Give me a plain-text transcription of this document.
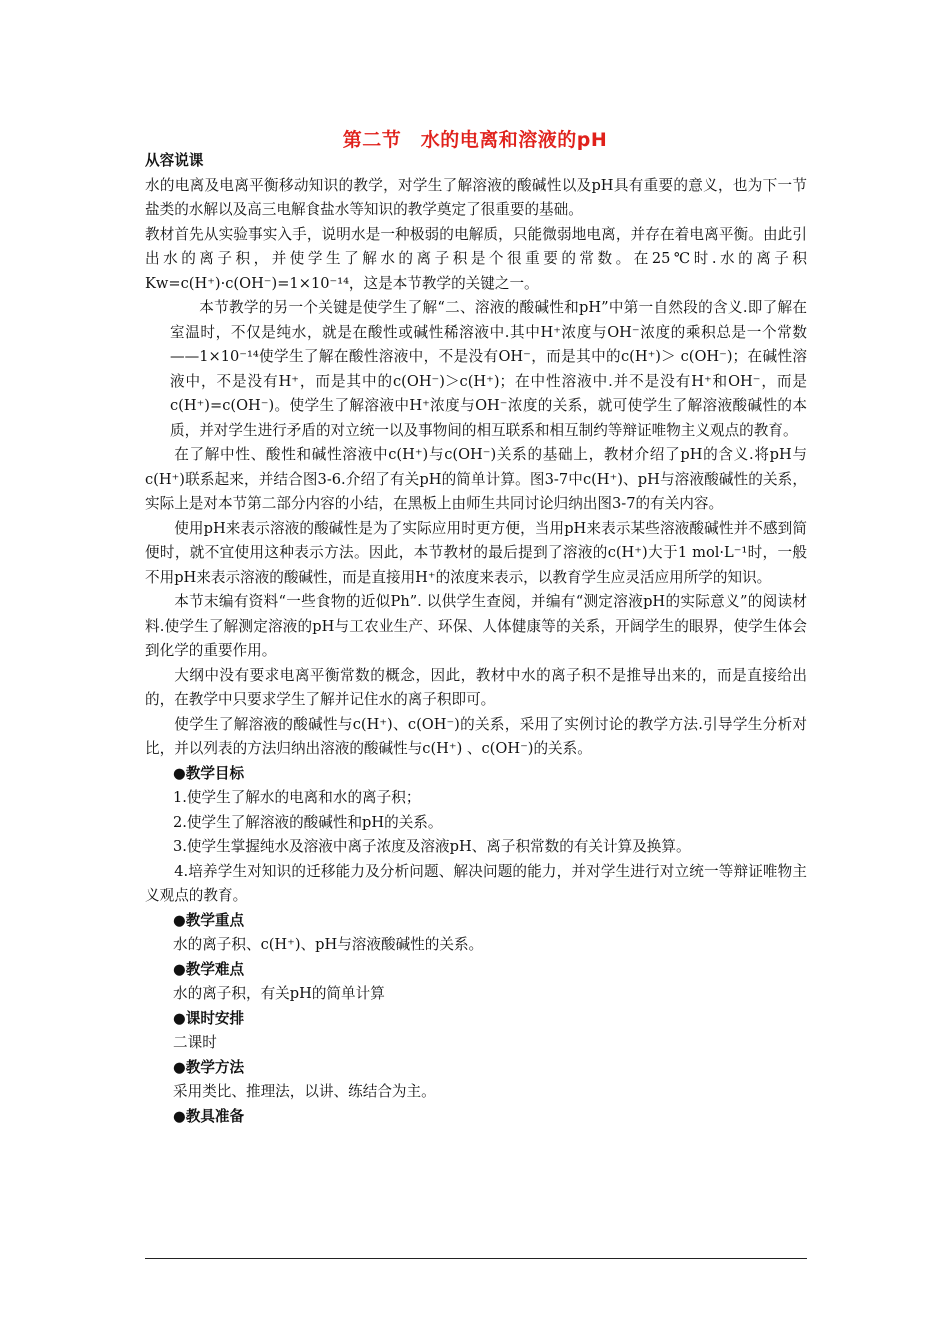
第二节　水的电离和溶液的pH

从容说课

水的电离及电离平衡移动知识的教学，对学生了解溶液的酸碱性以及pH具有重要的意义，也为下一节盐类的水解以及高三电解食盐水等知识的教学奠定了很重要的基础。

教材首先从实验事实入手，说明水是一种极弱的电解质，只能微弱地电离，并存在着电离平衡。由此引出水的离子积，并使学生了解水的离子积是个很重要的常数。在25℃时.水的离子积Kw=c(H⁺)·c(OH⁻)=1×10⁻¹⁴，这是本节教学的关键之一。

本节教学的另一个关键是使学生了解“二、溶液的酸碱性和pH”中第一自然段的含义.即了解在室温时，不仅是纯水，就是在酸性或碱性稀溶液中.其中H⁺浓度与OH⁻浓度的乘积总是一个常数——1×10⁻¹⁴使学生了解在酸性溶液中，不是没有OH⁻，而是其中的c(H⁺)＞ c(OH⁻)；在碱性溶液中，不是没有H⁺，而是其中的c(OH⁻)＞c(H⁺)；在中性溶液中.并不是没有H⁺和OH⁻，而是c(H⁺)=c(OH⁻)。使学生了解溶液中H⁺浓度与OH⁻浓度的关系，就可使学生了解溶液酸碱性的本质，并对学生进行矛盾的对立统一以及事物间的相互联系和相互制约等辩证唯物主义观点的教育。

在了解中性、酸性和碱性溶液中c(H⁺)与c(OH⁻)关系的基础上，教材介绍了pH的含义.将pH与c(H⁺)联系起来，并结合图3-6.介绍了有关pH的简单计算。图3-7中c(H⁺)、pH与溶液酸碱性的关系，实际上是对本节第二部分内容的小结，在黑板上由师生共同讨论归纳出图3-7的有关内容。

使用pH来表示溶液的酸碱性是为了实际应用时更方便，当用pH来表示某些溶液酸碱性并不感到简便时，就不宜使用这种表示方法。因此，本节教材的最后提到了溶液的c(H⁺)大于1 mol·L⁻¹时，一般不用pH来表示溶液的酸碱性，而是直接用H⁺的浓度来表示，以教育学生应灵活应用所学的知识。

本节末编有资料“一些食物的近似Ph”. 以供学生查阅，并编有“测定溶液pH的实际意义”的阅读材料.使学生了解测定溶液的pH与工农业生产、环保、人体健康等的关系，开阔学生的眼界，使学生体会到化学的重要作用。

大纲中没有要求电离平衡常数的概念，因此，教材中水的离子积不是推导出来的，而是直接给出的，在教学中只要求学生了解并记住水的离子积即可。

使学生了解溶液的酸碱性与c(H⁺)、c(OH⁻)的关系，采用了实例讨论的教学方法.引导学生分析对比，并以列表的方法归纳出溶液的酸碱性与c(H⁺) 、c(OH⁻)的关系。

●教学目标

1.使学生了解水的电离和水的离子积；

2.使学生了解溶液的酸碱性和pH的关系。

3.使学生掌握纯水及溶液中离子浓度及溶液pH、离子积常数的有关计算及换算。

4.培养学生对知识的迁移能力及分析问题、解决问题的能力，并对学生进行对立统一等辩证唯物主义观点的教育。

●教学重点

水的离子积、c(H⁺)、pH与溶液酸碱性的关系。

●教学难点

水的离子积，有关pH的简单计算

●课时安排

二课时

●教学方法

采用类比、推理法，以讲、练结合为主。

●教具准备
